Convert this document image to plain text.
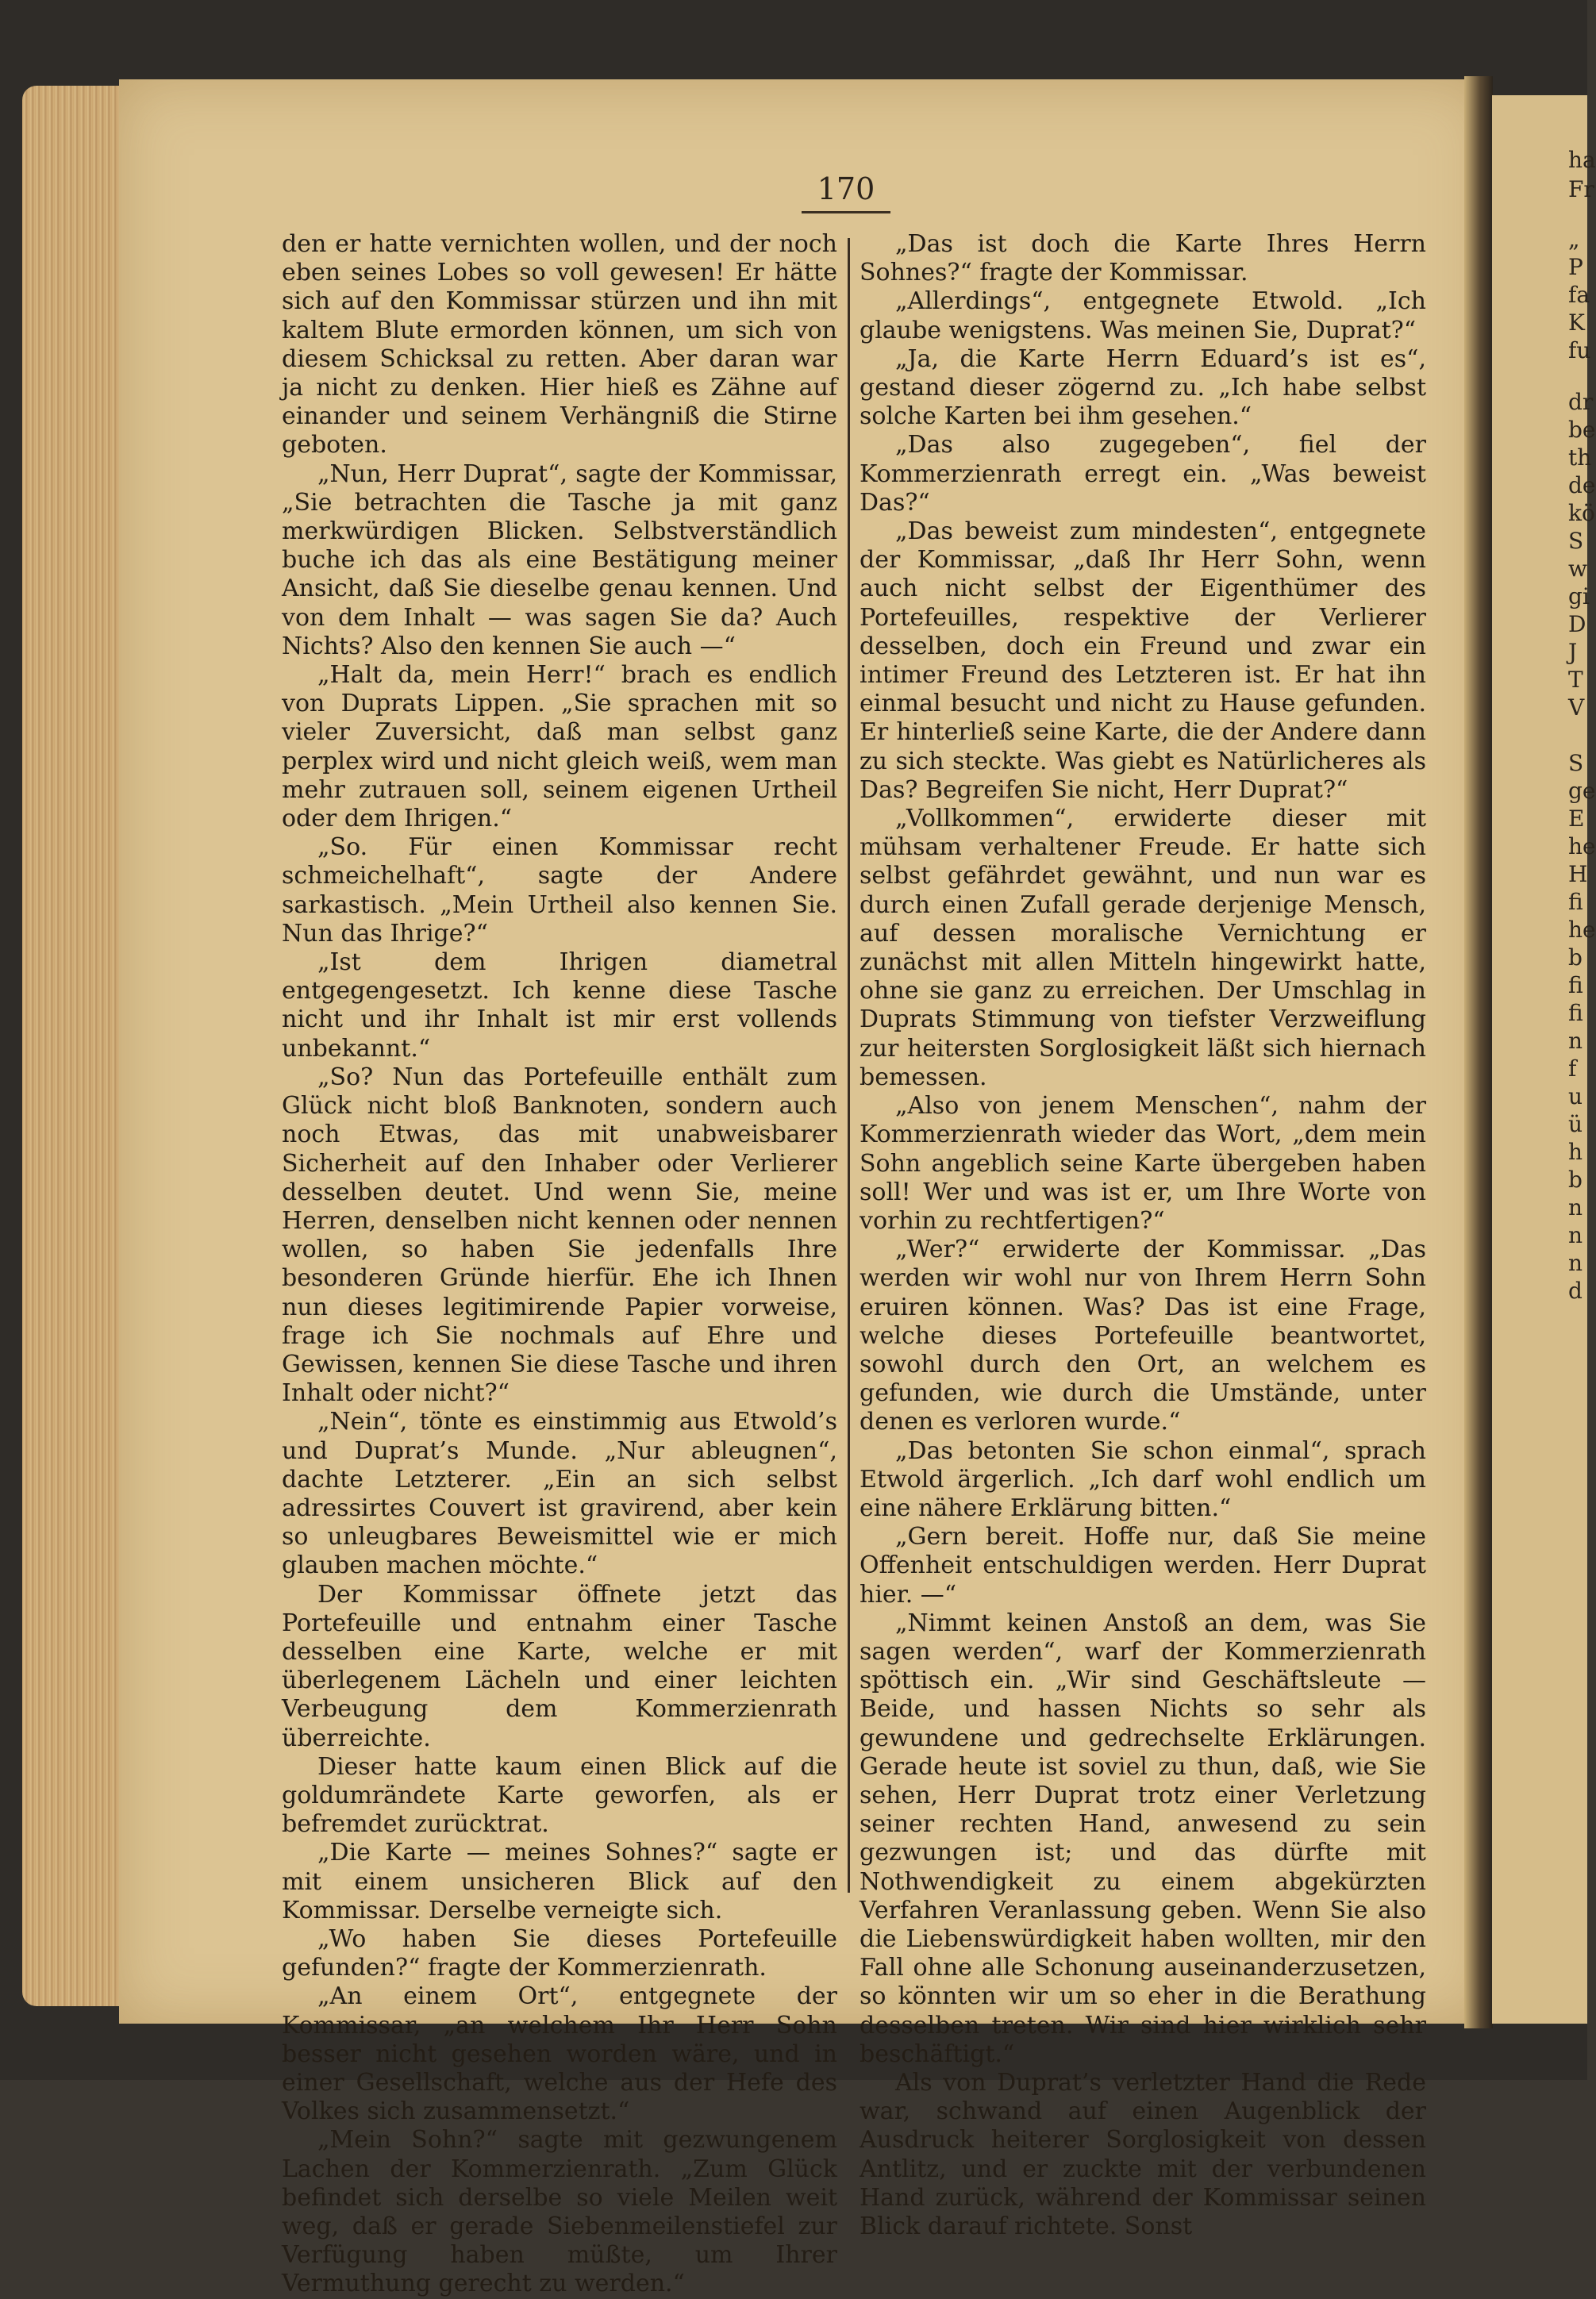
ha
Fr
„
P
fa
K
fu
dr
be
th
de
kö
S
w
gi
D
J
T
V
S
ge
E
he
H
fi
he
b
fi
fi
n
f
u
ü
h
b
n
n
n
d
170

den er hatte vernichten wollen, und der noch eben seines Lobes so voll gewesen! Er hätte sich auf den Kommissar stürzen und ihn mit kaltem Blute ermorden können, um sich von diesem Schicksal zu retten. Aber daran war ja nicht zu denken. Hier hieß es Zähne auf einander und seinem Verhängniß die Stirne geboten.

„Nun, Herr Duprat“, sagte der Kommissar, „Sie betrachten die Tasche ja mit ganz merkwürdigen Blicken. Selbstverständlich buche ich das als eine Bestätigung meiner Ansicht, daß Sie dieselbe genau kennen. Und von dem Inhalt — was sagen Sie da? Auch Nichts? Also den kennen Sie auch —“

„Halt da, mein Herr!“ brach es endlich von Duprats Lippen. „Sie sprachen mit so vieler Zuversicht, daß man selbst ganz perplex wird und nicht gleich weiß, wem man mehr zutrauen soll, seinem eigenen Urtheil oder dem Ihrigen.“

„So. Für einen Kommissar recht schmeichelhaft“, sagte der Andere sarkastisch. „Mein Urtheil also kennen Sie. Nun das Ihrige?“

„Ist dem Ihrigen diametral entgegengesetzt. Ich kenne diese Tasche nicht und ihr Inhalt ist mir erst vollends unbekannt.“

„So? Nun das Portefeuille enthält zum Glück nicht bloß Banknoten, sondern auch noch Etwas, das mit unabweisbarer Sicherheit auf den Inhaber oder Verlierer desselben deutet. Und wenn Sie, meine Herren, denselben nicht kennen oder nennen wollen, so haben Sie jedenfalls Ihre besonderen Gründe hierfür. Ehe ich Ihnen nun dieses legitimirende Papier vorweise, frage ich Sie nochmals auf Ehre und Gewissen, kennen Sie diese Tasche und ihren Inhalt oder nicht?“

„Nein“, tönte es einstimmig aus Etwold’s und Duprat’s Munde. „Nur ableugnen“, dachte Letzterer. „Ein an sich selbst adressirtes Couvert ist gravirend, aber kein so unleugbares Beweismittel wie er mich glauben machen möchte.“

Der Kommissar öffnete jetzt das Portefeuille und entnahm einer Tasche desselben eine Karte, welche er mit überlegenem Lächeln und einer leichten Verbeugung dem Kommerzienrath überreichte.

Dieser hatte kaum einen Blick auf die goldumrändete Karte geworfen, als er befremdet zurücktrat.

„Die Karte — meines Sohnes?“ sagte er mit einem unsicheren Blick auf den Kommissar. Derselbe verneigte sich.

„Wo haben Sie dieses Portefeuille gefunden?“ fragte der Kommerzienrath.

„An einem Ort“, entgegnete der Kommissar, „an welchem Ihr Herr Sohn besser nicht gesehen worden wäre, und in einer Gesellschaft, welche aus der Hefe des Volkes sich zusammensetzt.“

„Mein Sohn?“ sagte mit gezwungenem Lachen der Kommerzienrath. „Zum Glück befindet sich derselbe so viele Meilen weit weg, daß er gerade Siebenmeilenstiefel zur Verfügung haben müßte, um Ihrer Vermuthung gerecht zu werden.“

„Das ist doch die Karte Ihres Herrn Sohnes?“ fragte der Kommissar.

„Allerdings“, entgegnete Etwold. „Ich glaube wenigstens. Was meinen Sie, Duprat?“

„Ja, die Karte Herrn Eduard’s ist es“, gestand dieser zögernd zu. „Ich habe selbst solche Karten bei ihm gesehen.“

„Das also zugegeben“, fiel der Kommerzienrath erregt ein. „Was beweist Das?“

„Das beweist zum mindesten“, entgegnete der Kommissar, „daß Ihr Herr Sohn, wenn auch nicht selbst der Eigenthümer des Portefeuilles, respektive der Verlierer desselben, doch ein Freund und zwar ein intimer Freund des Letzteren ist. Er hat ihn einmal besucht und nicht zu Hause gefunden. Er hinterließ seine Karte, die der Andere dann zu sich steckte. Was giebt es Natürlicheres als Das? Begreifen Sie nicht, Herr Duprat?“

„Vollkommen“, erwiderte dieser mit mühsam verhaltener Freude. Er hatte sich selbst gefährdet gewähnt, und nun war es durch einen Zufall gerade derjenige Mensch, auf dessen moralische Vernichtung er zunächst mit allen Mitteln hingewirkt hatte, ohne sie ganz zu erreichen. Der Umschlag in Duprats Stimmung von tiefster Verzweiflung zur heitersten Sorglosigkeit läßt sich hiernach bemessen.

„Also von jenem Menschen“, nahm der Kommerzienrath wieder das Wort, „dem mein Sohn angeblich seine Karte übergeben haben soll! Wer und was ist er, um Ihre Worte von vorhin zu rechtfertigen?“

„Wer?“ erwiderte der Kommissar. „Das werden wir wohl nur von Ihrem Herrn Sohn eruiren können. Was? Das ist eine Frage, welche dieses Portefeuille beantwortet, sowohl durch den Ort, an welchem es gefunden, wie durch die Umstände, unter denen es verloren wurde.“

„Das betonten Sie schon einmal“, sprach Etwold ärgerlich. „Ich darf wohl endlich um eine nähere Erklärung bitten.“

„Gern bereit. Hoffe nur, daß Sie meine Offenheit entschuldigen werden. Herr Duprat hier. —“

„Nimmt keinen Anstoß an dem, was Sie sagen werden“, warf der Kommerzienrath spöttisch ein. „Wir sind Geschäftsleute — Beide, und hassen Nichts so sehr als gewundene und gedrechselte Erklärungen. Gerade heute ist soviel zu thun, daß, wie Sie sehen, Herr Duprat trotz einer Verletzung seiner rechten Hand, anwesend zu sein gezwungen ist; und das dürfte mit Nothwendigkeit zu einem abgekürzten Verfahren Veranlassung geben. Wenn Sie also die Liebenswürdigkeit haben wollten, mir den Fall ohne alle Schonung auseinanderzusetzen, so könnten wir um so eher in die Berathung desselben treten. Wir sind hier wirklich sehr beschäftigt.“

Als von Duprat’s verletzter Hand die Rede war, schwand auf einen Augenblick der Ausdruck heiterer Sorglosigkeit von dessen Antlitz, und er zuckte mit der verbundenen Hand zurück, während der Kommissar seinen Blick darauf richtete. Sonst
